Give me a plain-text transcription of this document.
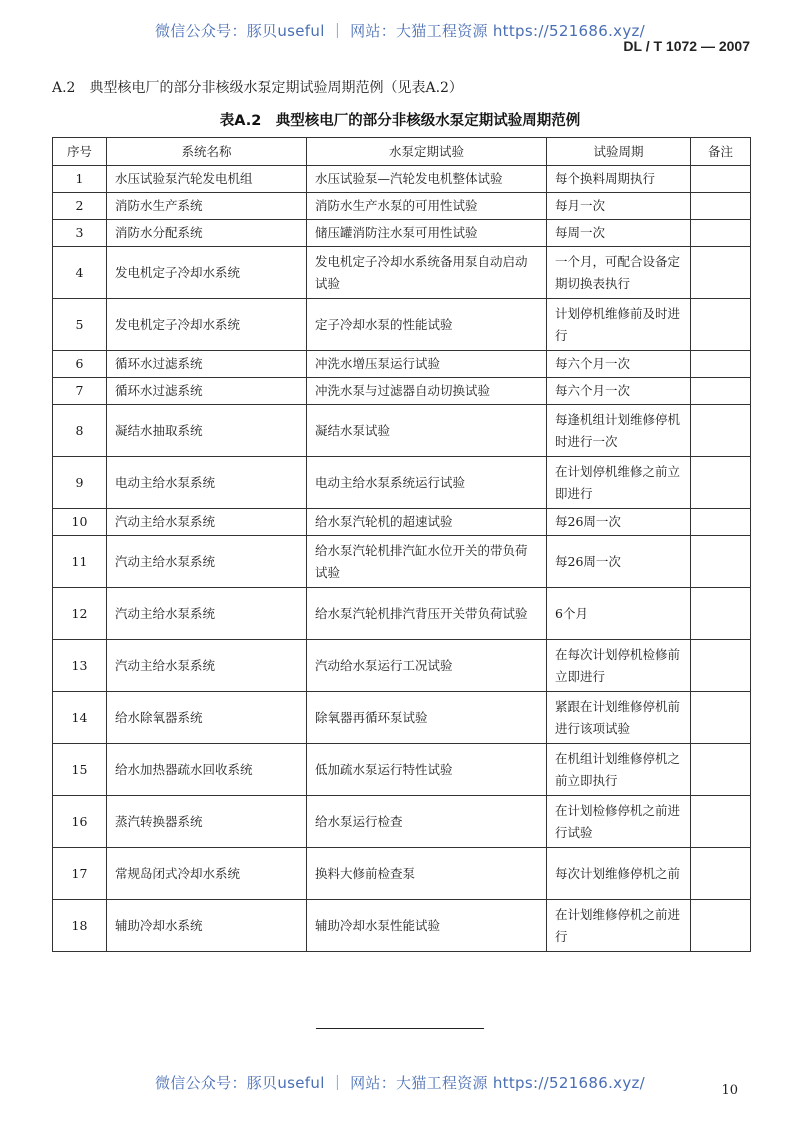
微信公众号：豚贝useful ｜ 网站：大猫工程资源 https://521686.xyz/
DL / T 1072 — 2007
A.2　典型核电厂的部分非核级水泵定期试验周期范例（见表A.2）
表A.2　典型核电厂的部分非核级水泵定期试验周期范例
序号	系统名称	水泵定期试验	试验周期	备注
1	水压试验泵汽轮发电机组	水压试验泵—汽轮发电机整体试验	每个换料周期执行	
2	消防水生产系统	消防水生产水泵的可用性试验	每月一次	
3	消防水分配系统	储压罐消防注水泵可用性试验	每周一次	
4	发电机定子冷却水系统	发电机定子冷却水系统备用泵自动启动试验	一个月，可配合设备定期切换表执行	
5	发电机定子冷却水系统	定子冷却水泵的性能试验	计划停机维修前及时进行	
6	循环水过滤系统	冲洗水增压泵运行试验	每六个月一次	
7	循环水过滤系统	冲洗水泵与过滤器自动切换试验	每六个月一次	
8	凝结水抽取系统	凝结水泵试验	每逢机组计划维修停机时进行一次	
9	电动主给水泵系统	电动主给水泵系统运行试验	在计划停机维修之前立即进行	
10	汽动主给水泵系统	给水泵汽轮机的超速试验	每26周一次	
11	汽动主给水泵系统	给水泵汽轮机排汽缸水位开关的带负荷试验	每26周一次	
12	汽动主给水泵系统	给水泵汽轮机排汽背压开关带负荷试验	6个月	
13	汽动主给水泵系统	汽动给水泵运行工况试验	在每次计划停机检修前立即进行	
14	给水除氧器系统	除氧器再循环泵试验	紧跟在计划维修停机前进行该项试验	
15	给水加热器疏水回收系统	低加疏水泵运行特性试验	在机组计划维修停机之前立即执行	
16	蒸汽转换器系统	给水泵运行检查	在计划检修停机之前进行试验	
17	常规岛闭式冷却水系统	换料大修前检查泵	每次计划维修停机之前	
18	辅助冷却水系统	辅助冷却水泵性能试验	在计划维修停机之前进行	
微信公众号：豚贝useful ｜ 网站：大猫工程资源 https://521686.xyz/	10
